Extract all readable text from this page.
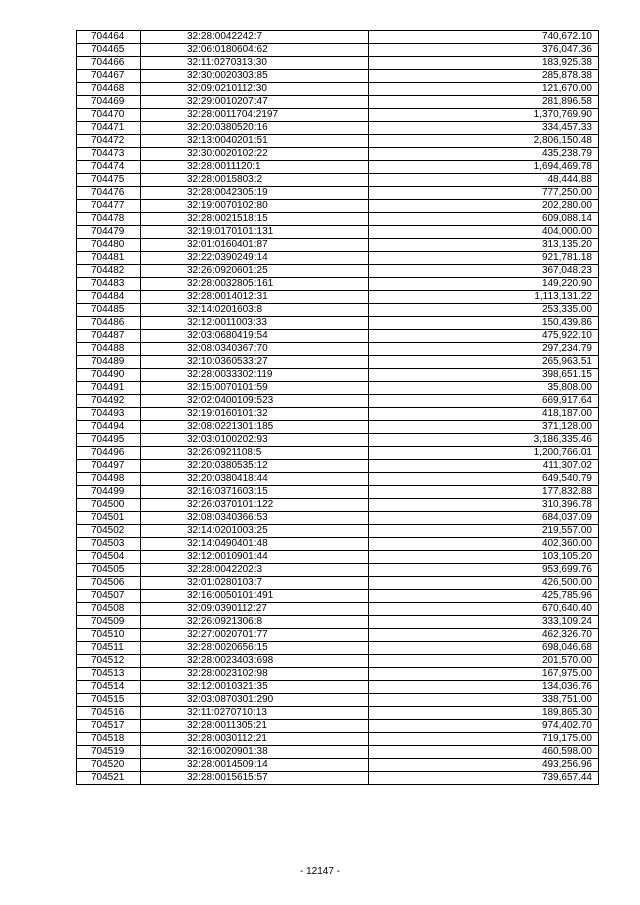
704464	32:28:0042242:7	740,672.10
704465	32:06:0180604:62	376,047.36
704466	32:11:0270313:30	183,925.38
704467	32:30:0020303:85	285,878.38
704468	32:09:0210112:30	121,670.00
704469	32:29:0010207:47	281,896.58
704470	32:28:0011704:2197	1,370,769.90
704471	32:20:0380520:16	334,457.33
704472	32:13:0040201:51	2,806,150.48
704473	32:30:0020102:22	435,238.79
704474	32:28:0011120:1	1,694,469.78
704475	32:28:0015803:2	48,444.88
704476	32:28:0042305:19	777,250.00
704477	32:19:0070102:80	202,280.00
704478	32:28:0021518:15	609,088.14
704479	32:19:0170101:131	404,000.00
704480	32:01:0160401:87	313,135.20
704481	32:22:0390249:14	921,781.18
704482	32:26:0920601:25	367,048.23
704483	32:28:0032805:161	149,220.90
704484	32:28:0014012:31	1,113,131.22
704485	32:14:0201603:8	253,335.00
704486	32:12:0011003:33	150,439.86
704487	32:03:0680419:54	475,922.10
704488	32:08:0340367:70	297,234.79
704489	32:10:0360533:27	265,963.51
704490	32:28:0033302:119	398,651.15
704491	32:15:0070101:59	35,808.00
704492	32:02:0400109:523	669,917.64
704493	32:19:0160101:32	418,187.00
704494	32:08:0221301:185	371,128.00
704495	32:03:0100202:93	3,186,335.46
704496	32:26:0921108:5	1,200,766.01
704497	32:20:0380535:12	411,307.02
704498	32:20:0380418:44	649,540.79
704499	32:16:0371603:15	177,832.88
704500	32:26:0370101:122	310,396.78
704501	32:08:0340366:53	684,037.09
704502	32:14:0201003:25	219,557.00
704503	32:14:0490401:48	402,360.00
704504	32:12:0010901:44	103,105.20
704505	32:28:0042202:3	953,699.76
704506	32:01:0280103:7	426,500.00
704507	32:16:0050101:491	425,785.96
704508	32:09:0390112:27	670,640.40
704509	32:26:0921306:8	333,109.24
704510	32:27:0020701:77	462,326.70
704511	32:28:0020656:15	698,046.68
704512	32:28:0023403:698	201,570.00
704513	32:28:0023102:98	167,975.00
704514	32:12:0010321:35	134,036.76
704515	32:03:0870301:290	338,751.00
704516	32:11:0270710:13	189,865.30
704517	32:28:0011305:21	974,402.70
704518	32:28:0030112:21	719,175.00
704519	32:16:0020901:38	460,598.00
704520	32:28:0014509:14	493,256.96
704521	32:28:0015615:57	739,657.44
- 12147 -
